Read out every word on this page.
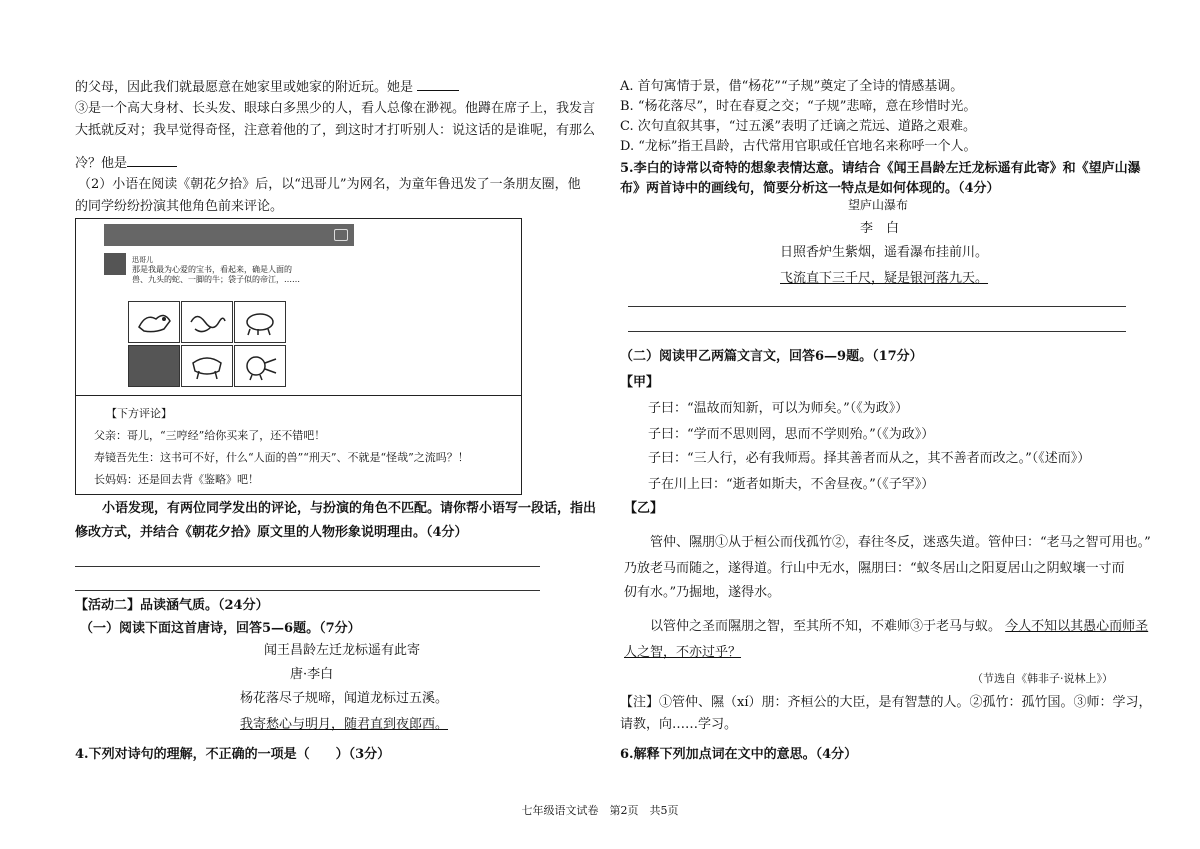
的父母，因此我们就最愿意在她家里或她家的附近玩。她是
③是一个高大身材、长头发、眼球白多黑少的人，看人总像在渺视。他蹲在席子上，我发言
大抵就反对；我早觉得奇怪，注意着他的了，到这时才打听别人：说这话的是谁呢，有那么
冷？他是
（2）小语在阅读《朝花夕拾》后，以“迅哥儿”为网名，为童年鲁迅发了一条朋友圈，他
的同学纷纷扮演其他角色前来评论。
迅哥儿
那是我最为心爱的宝书，看起来，确是人面的
兽、九头的蛇、一脚的牛；袋子似的帝江，……
【下方评论】
父亲：哥儿，“三哼经”给你买来了，还不错吧！
寿镜吾先生：这书可不好，什么“人面的兽”“刑天”、不就是“怪哉”之流吗？！
长妈妈：还是回去背《鉴略》吧！
小语发现，有两位同学发出的评论，与扮演的角色不匹配。请你帮小语写一段话，指出
修改方式，并结合《朝花夕拾》原文里的人物形象说明理由。（4分）
【活动二】品读涵气质。（24分）
（一）阅读下面这首唐诗，回答5—6题。（7分）
闻王昌龄左迁龙标遥有此寄
唐·李白
杨花落尽子规啼，闻道龙标过五溪。
我寄愁心与明月，随君直到夜郎西。
4.下列对诗句的理解，不正确的一项是（　　）（3分）
A. 首句寓情于景，借“杨花”“子规”奠定了全诗的情感基调。
B. “杨花落尽”，时在春夏之交；“子规”悲啼，意在珍惜时光。
C. 次句直叙其事，“过五溪”表明了迁谪之荒远、道路之艰难。
D. “龙标”指王昌龄，古代常用官职或任官地名来称呼一个人。
5.李白的诗常以奇特的想象表情达意。请结合《闻王昌龄左迁龙标遥有此寄》和《望庐山瀑
布》两首诗中的画线句，简要分析这一特点是如何体现的。（4分）
望庐山瀑布
李　白
日照香炉生紫烟，遥看瀑布挂前川。
飞流直下三千尺，疑是银河落九天。
（二）阅读甲乙两篇文言文，回答6—9题。（17分）
【甲】
子曰：“温故而知新，可以为师矣。”（《为政》）
子曰：“学而不思则罔，思而不学则殆。”（《为政》）
子曰：“三人行，必有我师焉。择其善者而从之，其不善者而改之。”（《述而》）
子在川上曰：“逝者如斯夫，不舍昼夜。”（《子罕》）
【乙】
管仲、隰朋①从于桓公而伐孤竹②，春往冬反，迷惑失道。管仲曰：“老马之智可用也。”
乃放老马而随之，遂得道。行山中无水，隰朋曰：“蚁冬居山之阳夏居山之阴蚁壤一寸而
仞有水。”乃掘地，遂得水。
以管仲之圣而隰朋之智，至其所不知，不难师③于老马与蚁。 今人不知以其愚心而师圣
人之智，不亦过乎？
（节选自《韩非子·说林上》）
【注】①管仲、隰（xí）朋：齐桓公的大臣，是有智慧的人。②孤竹：孤竹国。③师：学习，
请教，向……学习。
6.解释下列加点词在文中的意思。（4分）
七年级语文试卷　第2页　共5页
